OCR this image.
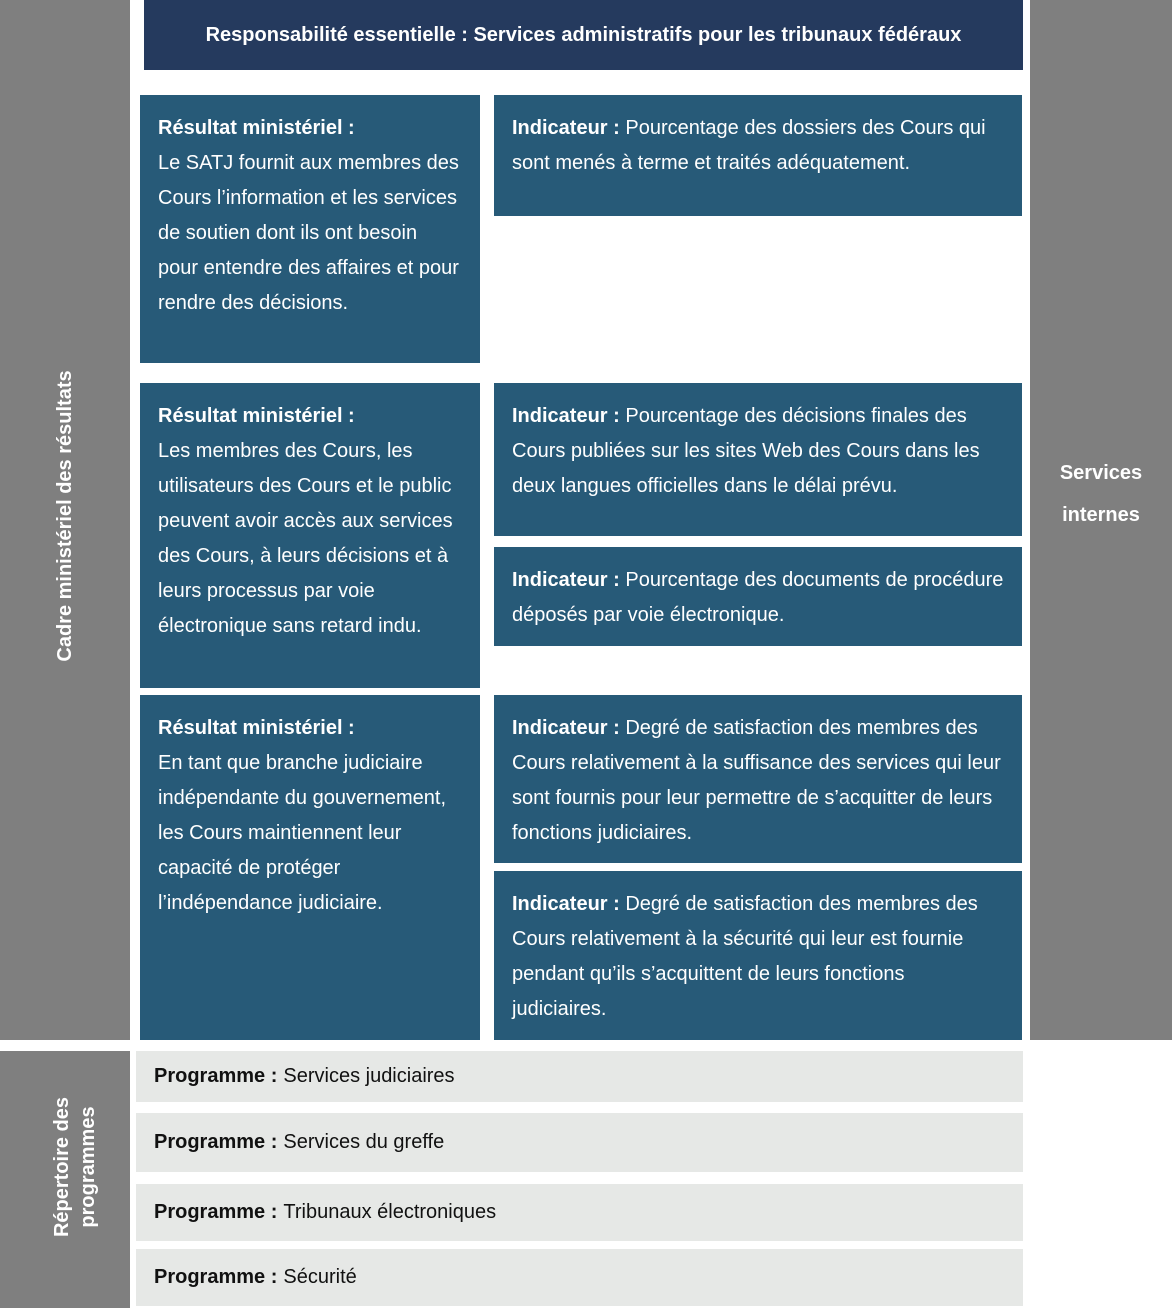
Cadre ministériel des résultats
Répertoire des programmes
Services
internes
Responsabilité essentielle : Services administratifs pour les tribunaux fédéraux
Résultat ministériel :
Le SATJ fournit aux membres des Cours l’information et les services de soutien dont ils ont besoin pour entendre des affaires et pour rendre des décisions.
Résultat ministériel :
Les membres des Cours, les utilisateurs des Cours et le public peuvent avoir accès aux services des Cours, à leurs décisions et à leurs processus par voie électronique sans retard indu.
Résultat ministériel :
En tant que branche judiciaire indépendante du gouvernement, les Cours maintiennent leur capacité de protéger l’indépendance judiciaire.
Indicateur : Pourcentage des dossiers des Cours qui sont menés à terme et traités adéquatement.
Indicateur : Pourcentage des décisions finales des Cours publiées sur les sites Web des Cours dans les deux langues officielles dans le délai prévu.
Indicateur : Pourcentage des documents de procédure déposés par voie électronique.
Indicateur : Degré de satisfaction des membres des Cours relativement à la suffisance des services qui leur sont fournis pour leur permettre de s’acquitter de leurs fonctions judiciaires.
Indicateur : Degré de satisfaction des membres des Cours relativement à la sécurité qui leur est fournie pendant qu’ils s’acquittent de leurs fonctions judiciaires.
Programme : Services judiciaires
Programme : Services du greffe
Programme : Tribunaux électroniques
Programme : Sécurité
